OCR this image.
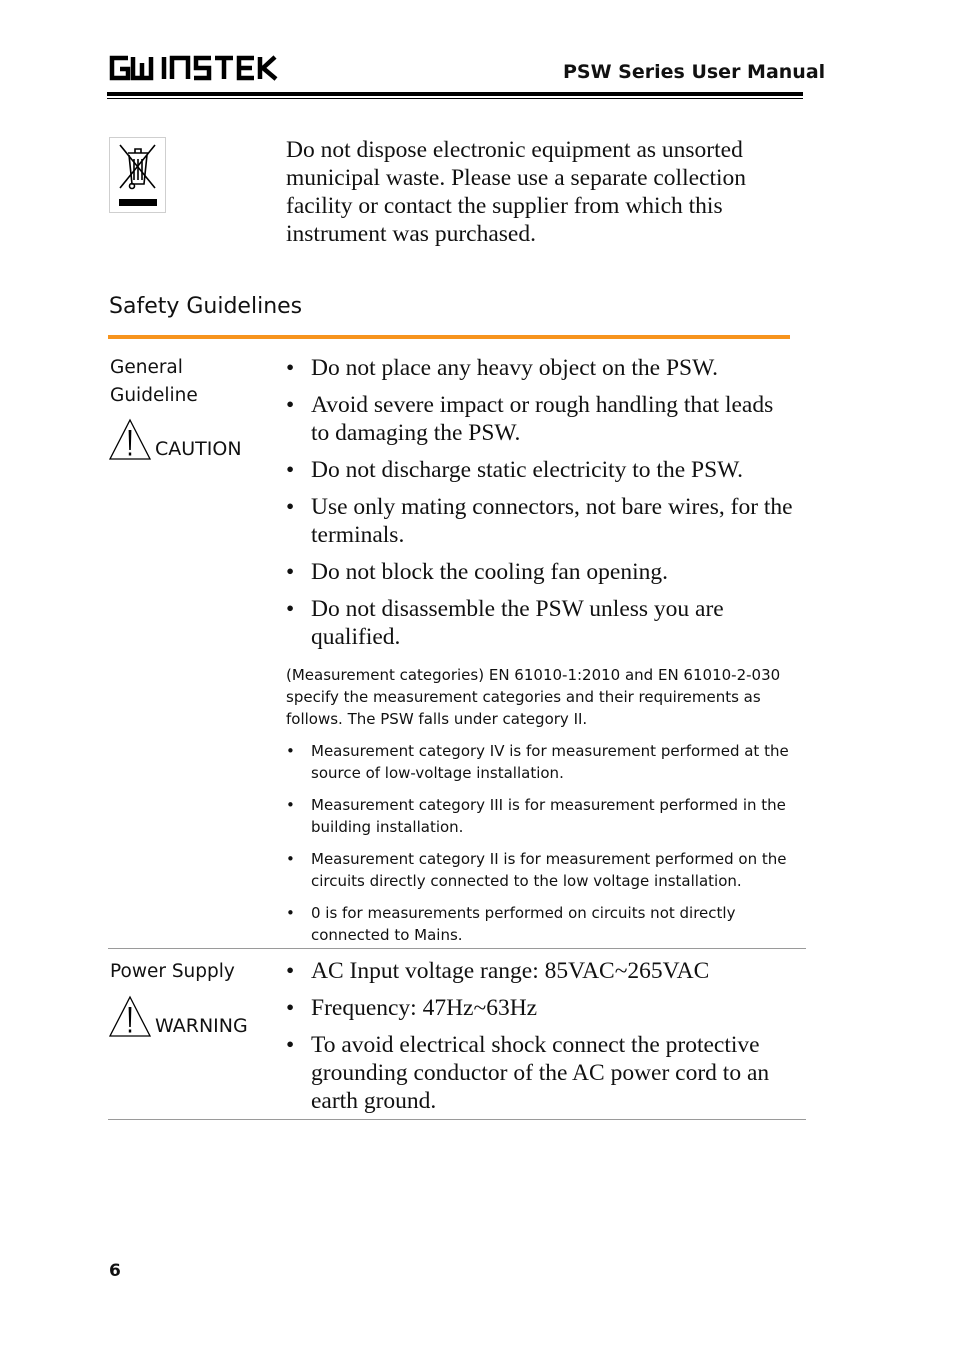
PSW Series User Manual
Do not dispose electronic equipment as unsorted municipal waste. Please use a separate collection facility or contact the supplier from which this instrument was purchased.
Safety Guidelines
General Guideline
CAUTION
• Do not place any heavy object on the PSW.
• Avoid severe impact or rough handling that leads to damaging the PSW.
• Do not discharge static electricity to the PSW.
• Use only mating connectors, not bare wires, for the terminals.
• Do not block the cooling fan opening.
• Do not disassemble the PSW unless you are qualified.
(Measurement categories) EN 61010-1:2010 and EN 61010-2-030 specify the measurement categories and their requirements as follows. The PSW falls under category II.
• Measurement category IV is for measurement performed at the source of low-voltage installation.
• Measurement category III is for measurement performed in the building installation.
• Measurement category II is for measurement performed on the circuits directly connected to the low voltage installation.
• 0 is for measurements performed on circuits not directly connected to Mains.
Power Supply
WARNING
• AC Input voltage range: 85VAC~265VAC
• Frequency: 47Hz~63Hz
• To avoid electrical shock connect the protective grounding conductor of the AC power cord to an earth ground.
6
